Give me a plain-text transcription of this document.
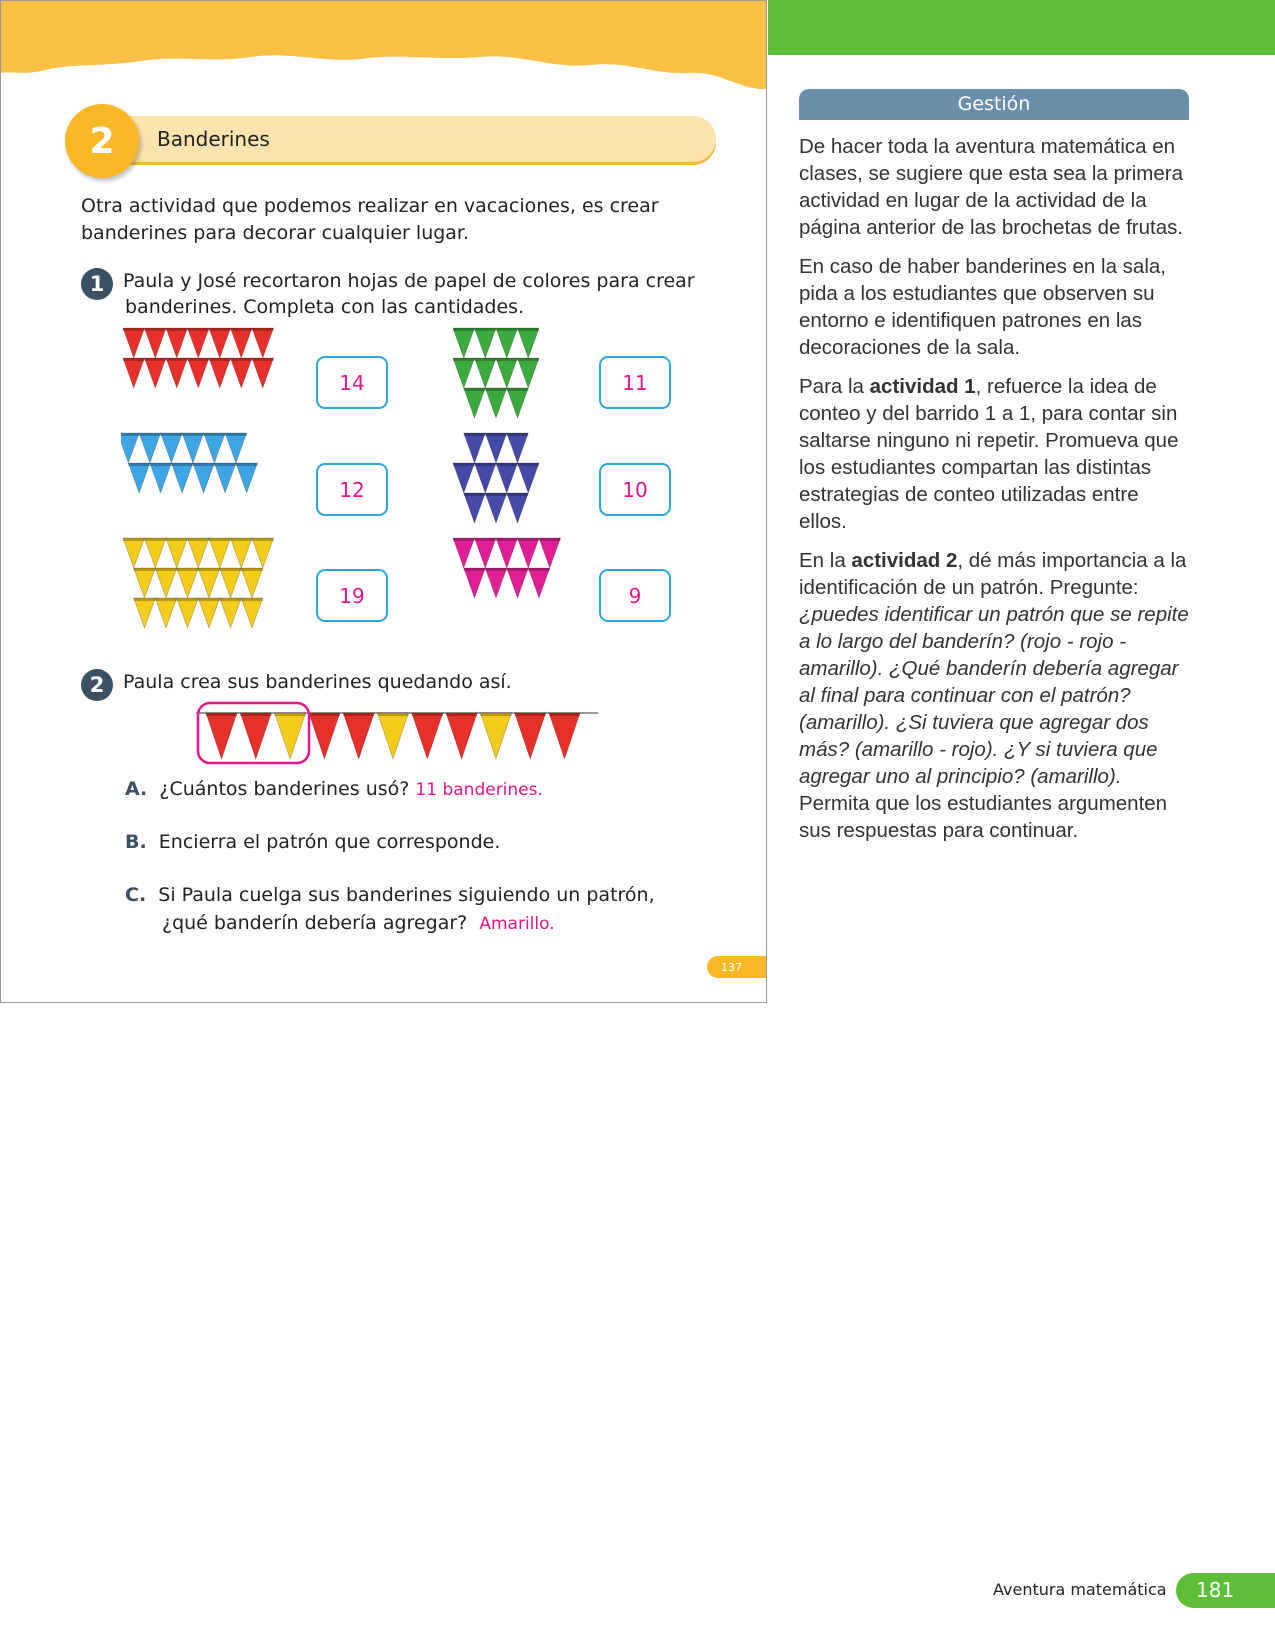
Banderines
2
Otra actividad que podemos realizar en vacaciones, es crear banderines para decorar cualquier lugar.
1 Paula y José recortaron hojas de papel de colores para crear
banderines. Completa con las cantidades.
14	11
12	10
19	9
2 Paula crea sus banderines quedando así.
A. ¿Cuántos banderines usó? 11 banderines.
B. Encierra el patrón que corresponde.
C. Si Paula cuelga sus banderines siguiendo un patrón,
¿qué banderín debería agregar? Amarillo.
137
Gestión

De hacer toda la aventura matemática en clases, se sugiere que esta sea la primera actividad en lugar de la actividad de la página anterior de las brochetas de frutas.

En caso de haber banderines en la sala, pida a los estudiantes que observen su entorno e identifiquen patrones en las decoraciones de la sala.

Para la actividad 1, refuerce la idea de conteo y del barrido 1 a 1, para contar sin saltarse ninguno ni repetir. Promueva que los estudiantes compartan las distintas estrategias de conteo utilizadas entre ellos.

En la actividad 2, dé más importancia a la identificación de un patrón. Pregunte: ¿puedes identificar un patrón que se repite a lo largo del banderín? (rojo - rojo - amarillo). ¿Qué banderín debería agregar al final para continuar con el patrón? (amarillo). ¿Si tuviera que agregar dos más? (amarillo - rojo). ¿Y si tuviera que agregar uno al principio? (amarillo). Permita que los estudiantes argumenten sus respuestas para continuar.

Aventura matemática	181
